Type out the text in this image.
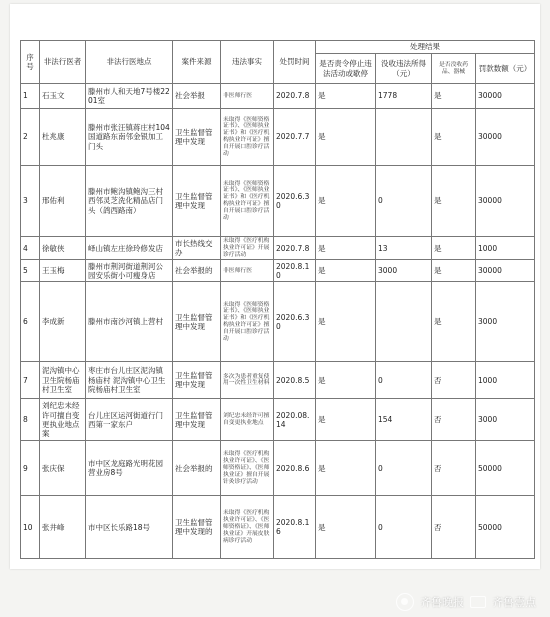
序号	非法行医者	非法行医地点	案件来源	违法事实	处罚时间	处理结果			
						是否责令停止违法活动或歇停	没收违法所得（元）	是否没收药品、器械	罚款数额（元）
1	石玉文	滕州市人和天地7号楼2201室	社会举报	非医师行医	2020.7.8	是	1778	是	30000
2	杜兆康	滕州市张汪镇蒋庄村104国道路东南邻金银加工门头	卫生监督管理中发现	未取得《医师资格证书》、《医师执业证书》和《医疗机构执业许可证》擅自开展口腔诊疗活动	2020.7.7	是		是	30000
3	邢佑利	滕州市鲍沟镇鲍沟三村西邻灵芝洗化精品店门头（鸽西路南）	卫生监督管理中发现	未取得《医师资格证书》、《医师执业证书》和《医疗机构执业许可证》擅自开展口腔诊疗活动	2020.6.30	是	0	是	30000
4	徐敏侠	峄山镇左庄徐玲修发店	市长热线交办	未取得《医疗机构执业许可证》开展诊疗活动	2020.7.8	是	13	是	1000
5	王玉梅	滕州市荆河街道荆河公园安乐街小可瘦身店	社会举报的	非医师行医	2020.8.10	是	3000	是	30000
6	李成新	滕州市南沙河镇上营村	卫生监督管理中发现	未取得《医师资格证书》、《医师执业证书》和《医疗机构执业许可证》擅自开展口腔诊疗活动	2020.6.30	是		是	3000
7	泥沟镇中心卫生院杨庙村卫生室	枣庄市台儿庄区泥沟镇杨庙村 泥沟镇中心卫生院杨庙村卫生室	卫生监督管理中发现	多次为患者重复使用一次性卫生材料	2020.8.5	是	0	否	1000
8	刘纪忠未经许可擅自变更执业地点案	台儿庄区运河街道行门西第一家东户	卫生监督管理中发现	刘纪忠未经许可擅自变更执业地点	2020.08.14	是	154	否	3000
9	张庆保	市中区龙庭路光明花园营业房8号	社会举报的	未取得《医疗机构执业许可证》、《医师资格证》、《医师执业证》擅自开展针灸诊疗活动	2020.8.6	是	0	否	50000
10	张井峰	市中区长乐路18号	卫生监督管理中发现的	未取得《医疗机构执业许可证》、《医师资格证》、《医师执业证》开展皮肤病诊疗活动	2020.8.16	是	0	否	50000
齐鲁晚报	齐鲁壹点
